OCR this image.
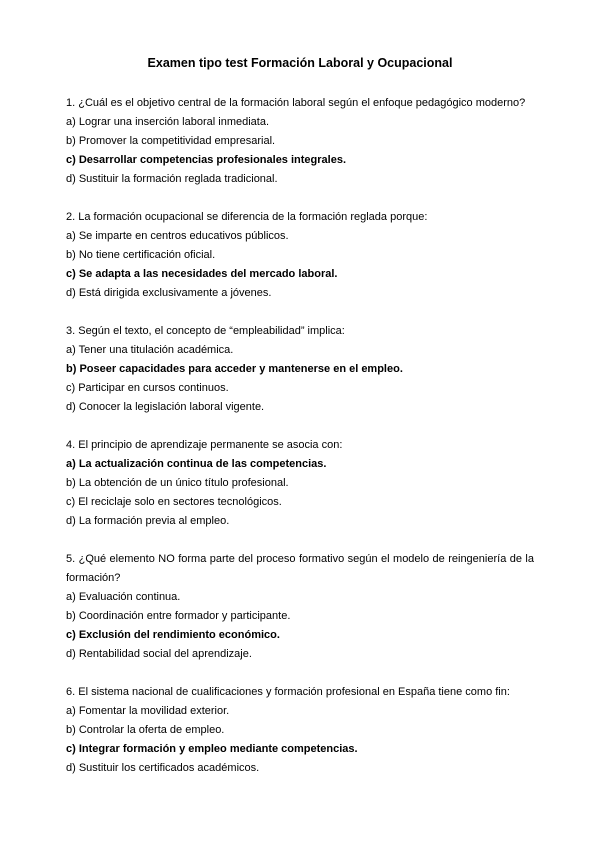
Examen tipo test Formación Laboral y Ocupacional
1. ¿Cuál es el objetivo central de la formación laboral según el enfoque pedagógico moderno?
a) Lograr una inserción laboral inmediata.
b) Promover la competitividad empresarial.
c) Desarrollar competencias profesionales integrales.
d) Sustituir la formación reglada tradicional.
2. La formación ocupacional se diferencia de la formación reglada porque:
a) Se imparte en centros educativos públicos.
b) No tiene certificación oficial.
c) Se adapta a las necesidades del mercado laboral.
d) Está dirigida exclusivamente a jóvenes.
3. Según el texto, el concepto de “empleabilidad” implica:
a) Tener una titulación académica.
b) Poseer capacidades para acceder y mantenerse en el empleo.
c) Participar en cursos continuos.
d) Conocer la legislación laboral vigente.
4. El principio de aprendizaje permanente se asocia con:
a) La actualización continua de las competencias.
b) La obtención de un único título profesional.
c) El reciclaje solo en sectores tecnológicos.
d) La formación previa al empleo.
5. ¿Qué elemento NO forma parte del proceso formativo según el modelo de reingeniería de la formación?
a) Evaluación continua.
b) Coordinación entre formador y participante.
c) Exclusión del rendimiento económico.
d) Rentabilidad social del aprendizaje.
6. El sistema nacional de cualificaciones y formación profesional en España tiene como fin:
a) Fomentar la movilidad exterior.
b) Controlar la oferta de empleo.
c) Integrar formación y empleo mediante competencias.
d) Sustituir los certificados académicos.
